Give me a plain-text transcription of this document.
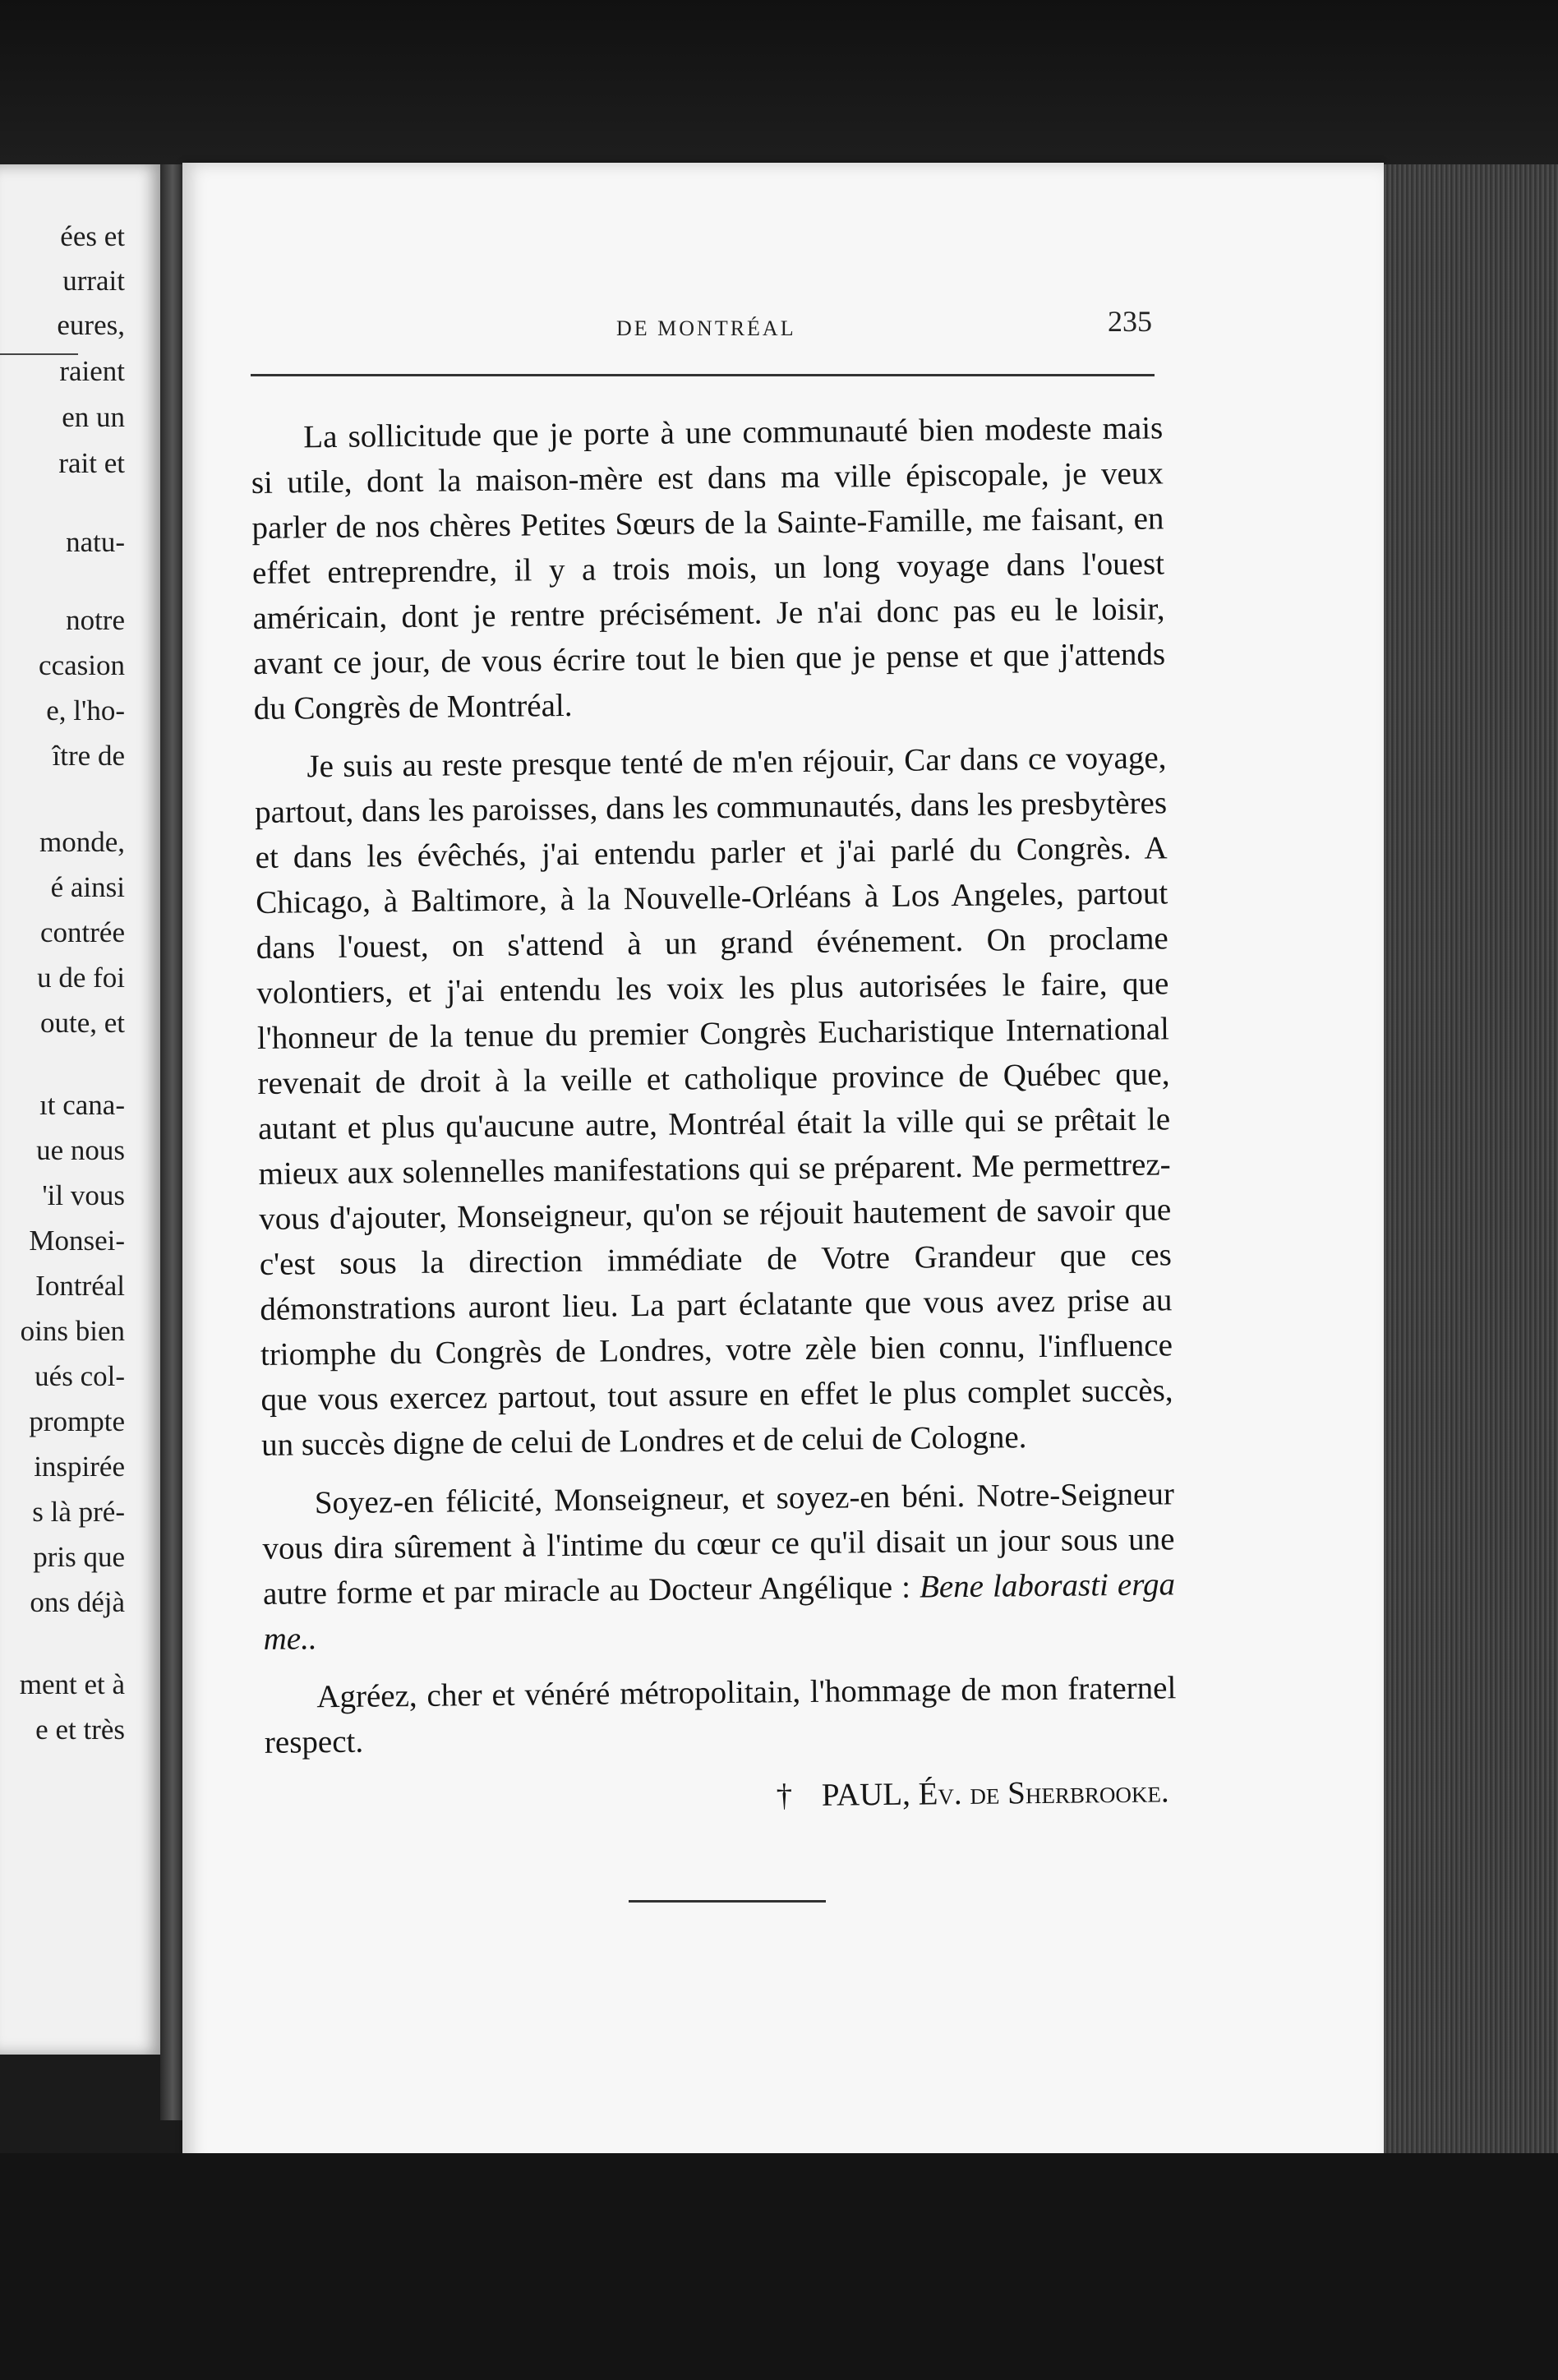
ées et

urrait

eures,

raient

en un

rait et

natu-

notre

ccasion

e, l'ho-

ître de

monde,

é ainsi

contrée

u de foi

oute, et

ıt cana-

ue nous

'il vous

Monsei-

Iontréal

oins bien

ués col-

prompte

inspirée

s là pré-

pris que

ons déjà

ment et à

e et très

DE MONTRÉAL	235

La sollicitude que je porte à une communauté bien modeste mais si utile, dont la maison-mère est dans ma ville épiscopale, je veux parler de nos chères Petites Sœurs de la Sainte-Famille, me faisant, en effet entreprendre, il y a trois mois, un long voyage dans l'ouest américain, dont je rentre précisément. Je n'ai donc pas eu le loisir, avant ce jour, de vous écrire tout le bien que je pense et que j'attends du Congrès de Montréal.

Je suis au reste presque tenté de m'en réjouir, Car dans ce voyage, partout, dans les paroisses, dans les communautés, dans les presbytères et dans les évêchés, j'ai entendu parler et j'ai parlé du Congrès. A Chicago, à Baltimore, à la Nouvelle-Orléans à Los Angeles, partout dans l'ouest, on s'attend à un grand événement. On proclame volontiers, et j'ai entendu les voix les plus autorisées le faire, que l'honneur de la tenue du premier Congrès Eucharistique International revenait de droit à la veille et catholique province de Québec que, autant et plus qu'aucune autre, Montréal était la ville qui se prêtait le mieux aux solennelles manifestations qui se préparent. Me permettrez-vous d'ajouter, Monseigneur, qu'on se réjouit hautement de savoir que c'est sous la direction immédiate de Votre Grandeur que ces démonstrations auront lieu. La part éclatante que vous avez prise au triomphe du Congrès de Londres, votre zèle bien connu, l'influence que vous exercez partout, tout assure en effet le plus complet succès, un succès digne de celui de Londres et de celui de Cologne.

Soyez-en félicité, Monseigneur, et soyez-en béni. Notre-Seigneur vous dira sûrement à l'intime du cœur ce qu'il disait un jour sous une autre forme et par miracle au Docteur Angélique : Bene laborasti erga me..

Agréez, cher et vénéré métropolitain, l'hommage de mon fraternel respect.

† PAUL, Év. de Sherbrooke.
